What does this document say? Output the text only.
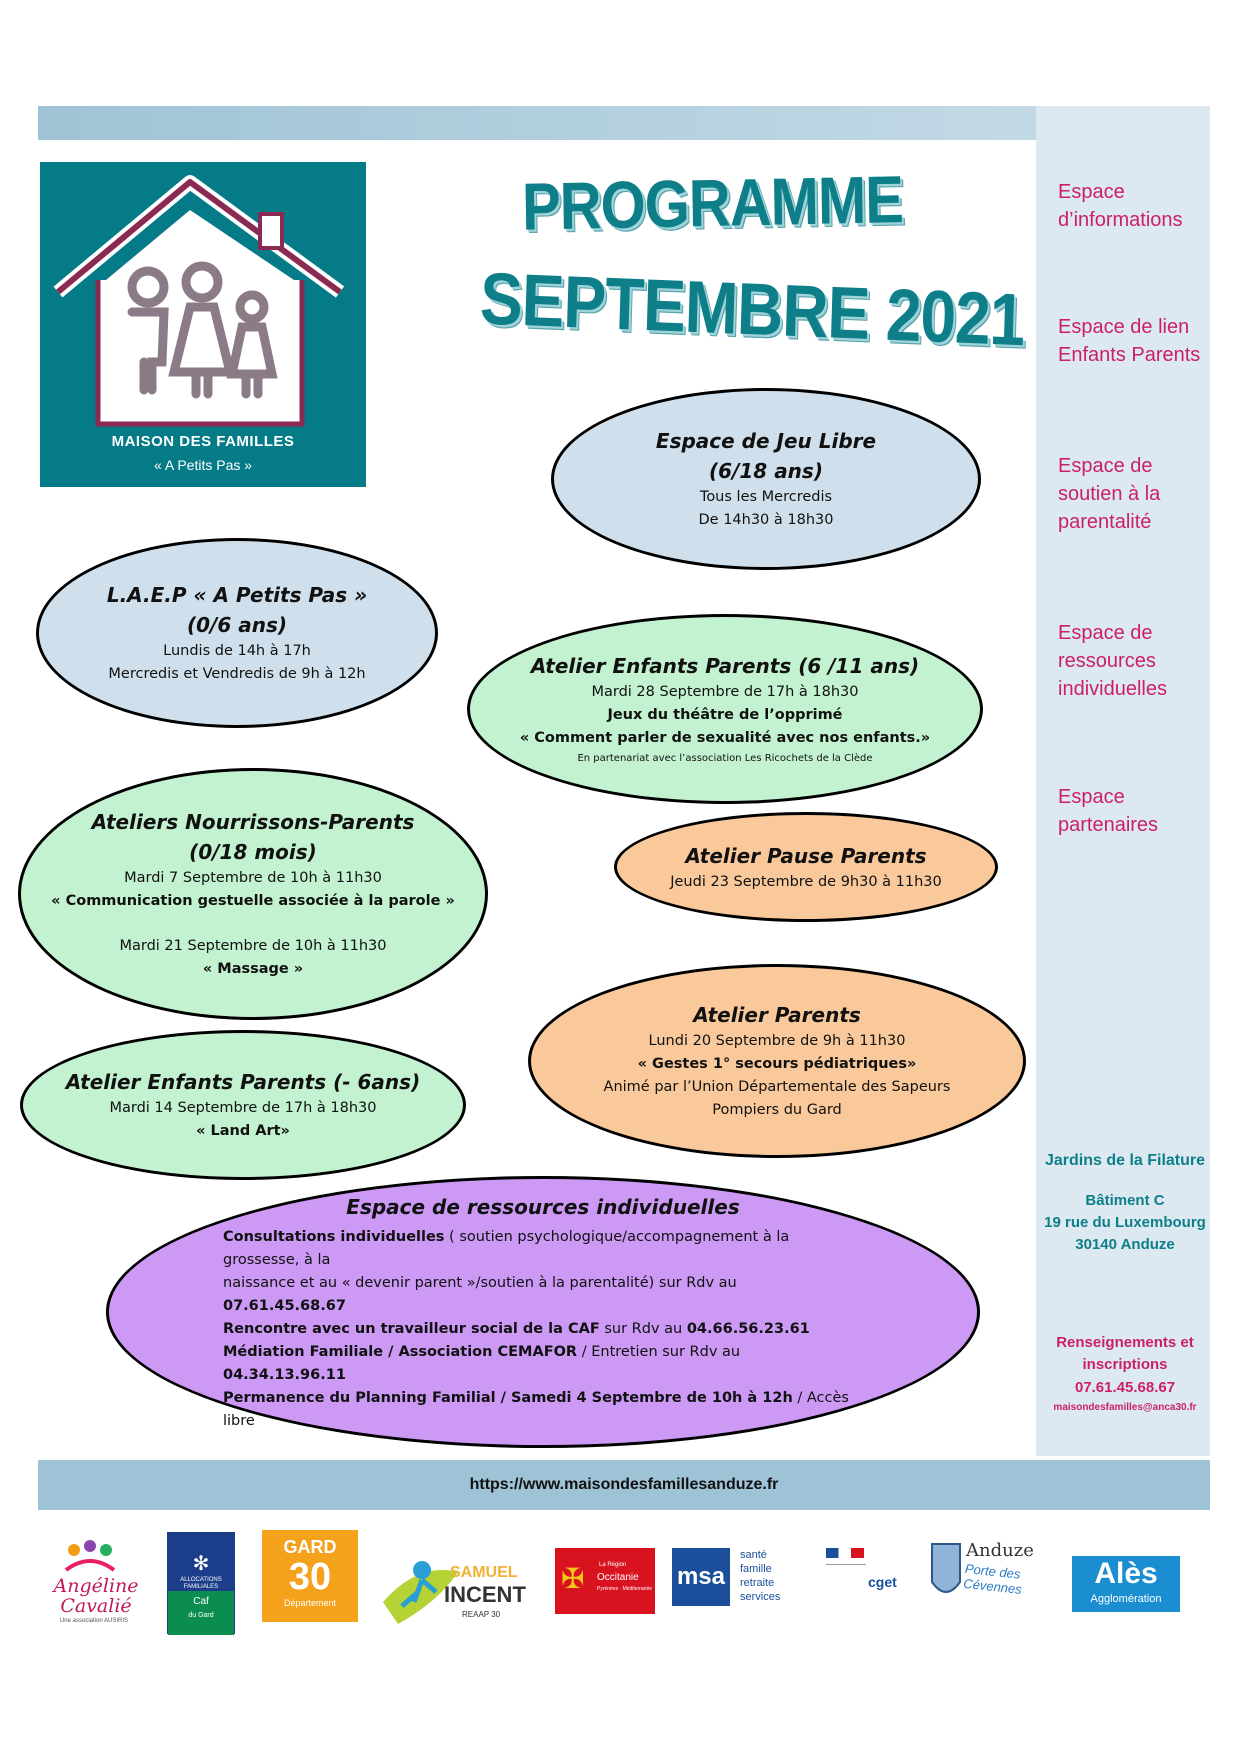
MAISON DES FAMILLES
« A Petits Pas »
PROGRAMME
SEPTEMBRE 2021
Espace d’informations
Espace de lien Enfants Parents
Espace de soutien à la parentalité
Espace de ressources individuelles
Espace partenaires
Espace de Jeu Libre
(6/18 ans)
Tous les Mercredis
De 14h30 à 18h30
L.A.E.P « A Petits Pas »
(0/6 ans)
Lundis de 14h à 17h
Mercredis et Vendredis de 9h à 12h	Atelier Enfants Parents (6 /11 ans)
Mardi 28 Septembre de 17h à 18h30
Jeux du théâtre de l’opprimé
« Comment parler de sexualité avec nos enfants.»
En partenariat avec l’association Les Ricochets de la Clède
Ateliers Nourrissons-Parents
(0/18 mois)
Mardi 7 Septembre de 10h à 11h30
« Communication gestuelle associée à la parole »
Mardi 21 Septembre de 10h à 11h30
« Massage »
Atelier Pause Parents
Jeudi 23 Septembre de 9h30 à 11h30
Atelier Parents
Lundi 20 Septembre de 9h à 11h30
« Gestes 1° secours pédiatriques»
Animé par l’Union Départementale des Sapeurs
Pompiers du Gard
Atelier Enfants Parents (- 6ans)
Mardi 14 Septembre de 17h à 18h30
« Land Art»
Espace de ressources individuelles
Consultations individuelles ( soutien psychologique/accompagnement à la grossesse, à la
naissance et au « devenir parent »/soutien à la parentalité) sur Rdv au 07.61.45.68.67
Rencontre avec un travailleur social de la CAF sur Rdv au 04.66.56.23.61
Médiation Familiale / Association CEMAFOR / Entretien sur Rdv au 04.34.13.96.11
Permanence du Planning Familial / Samedi 4 Septembre de 10h à 12h / Accès libre
Jardins de la Filature
Bâtiment C
19 rue du Luxembourg
30140 Anduze
Renseignements et
inscriptions
07.61.45.68.67
maisondesfamilles@anca30.fr
https://www.maisondesfamillesanduze.fr
Angéline
Cavalié
Une association AUSIRIS
✻
ALLOCATIONS
FAMILIALES
Caf
du Gard
GARD
30
Département
SAMUEL
INCENT
REAAP 30
✠ La Région
Occitanie
Pyrénées · Méditerranée msa
santé
famille
retraite
services
cget
Anduze
Porte des Cévennes	Alès
Agglomération
